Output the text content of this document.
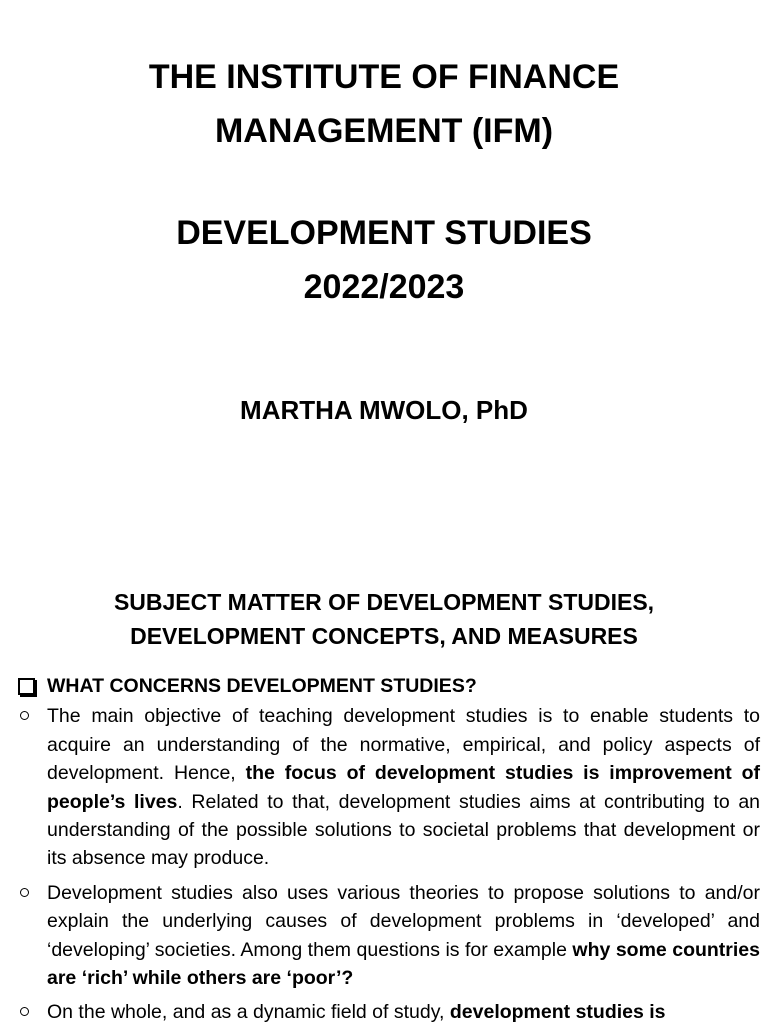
THE INSTITUTE OF FINANCE
MANAGEMENT (IFM)
DEVELOPMENT STUDIES
2022/2023
MARTHA MWOLO, PhD
SUBJECT MATTER OF DEVELOPMENT STUDIES,
DEVELOPMENT CONCEPTS, AND MEASURES
WHAT CONCERNS DEVELOPMENT STUDIES?
The main objective of teaching development studies is to enable students to acquire an understanding of the normative, empirical, and policy aspects of development. Hence, the focus of development studies is improvement of people’s lives. Related to that, development studies aims at contributing to an understanding of the possible solutions to societal problems that development or its absence may produce.
Development studies also uses various theories to propose solutions to and/or explain the underlying causes of development problems in ‘developed’ and ‘developing’ societies. Among them questions is for example why some countries are ‘rich’ while others are ‘poor’?
On the whole, and as a dynamic field of study, development studies is
